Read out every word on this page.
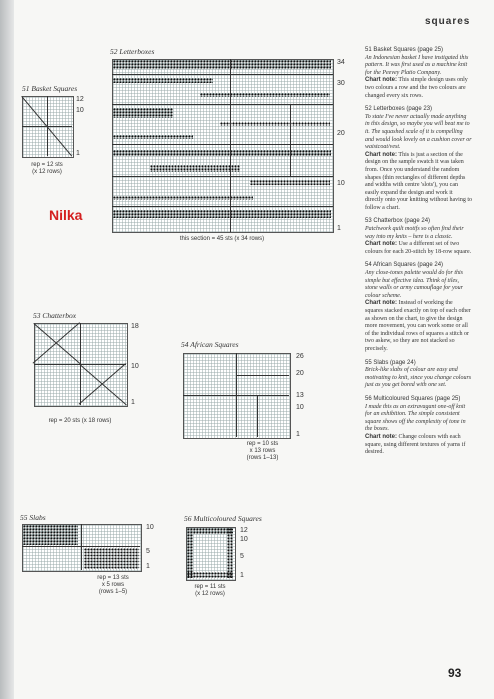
squares
51 Basket Squares
12
10
1
rep = 12 sts
(x 12 rows)
Nilka
52 Letterboxes
34
30
20
10
1
this section = 45 sts (x 34 rows)
53 Chatterbox
18
10
1
rep = 20 sts (x 18 rows)
54 African Squares
26
20
13
10
1
rep = 10 sts
x 13 rows
(rows 1–13)
55 Slabs
10
5
1
rep = 13 sts
x 5 rows
(rows 1–5)
56 Multicoloured Squares
12
10
5
1
rep = 11 sts
(x 12 rows)

51 Basket Squares (page 25)
An Indonesian basket I have instigated this pattern. It was first used as a machine knit for the Peevey Platio Company.
Chart note: This simple design uses only two colours a row and the two colours are changed every six rows.

52 Letterboxes (page 23)
To state I've never actually made anything in this design, so maybe you will beat me to it. The squashed scale of it is compelling and would look lovely on a cushion cover or waistcoat/vest.
Chart note: This is just a section of the design on the sample swatch it was taken from. Once you understand the random shapes (thin rectangles of different depths and widths with centre 'slots'), you can easily expand the design and work it directly onto your knitting without having to follow a chart.

53 Chatterbox (page 24)
Patchwork quilt motifs so often find their way into my knits – here is a classic.
Chart note: Use a different set of two colours for each 20-stitch by 18-row square.

54 African Squares (page 24)
Any close-tones palette would do for this simple but effective idea. Think of tiles, stone walls or army camouflage for your colour scheme.
Chart note: Instead of working the squares stacked exactly on top of each other as shown on the chart, to give the design more movement, you can work some or all of the individual rows of squares a stitch or two askew, so they are not stacked so precisely.

55 Slabs (page 24)
Brick-like slabs of colour are easy and motivating to knit, since you change colours just as you get bored with one set.

56 Multicoloured Squares (page 25)
I made this as an extravagant one-off knit for an exhibition. The simple consistent square shows off the complexity of tone in the boxes.
Chart note: Change colours with each square, using different textures of yarns if desired.

93
